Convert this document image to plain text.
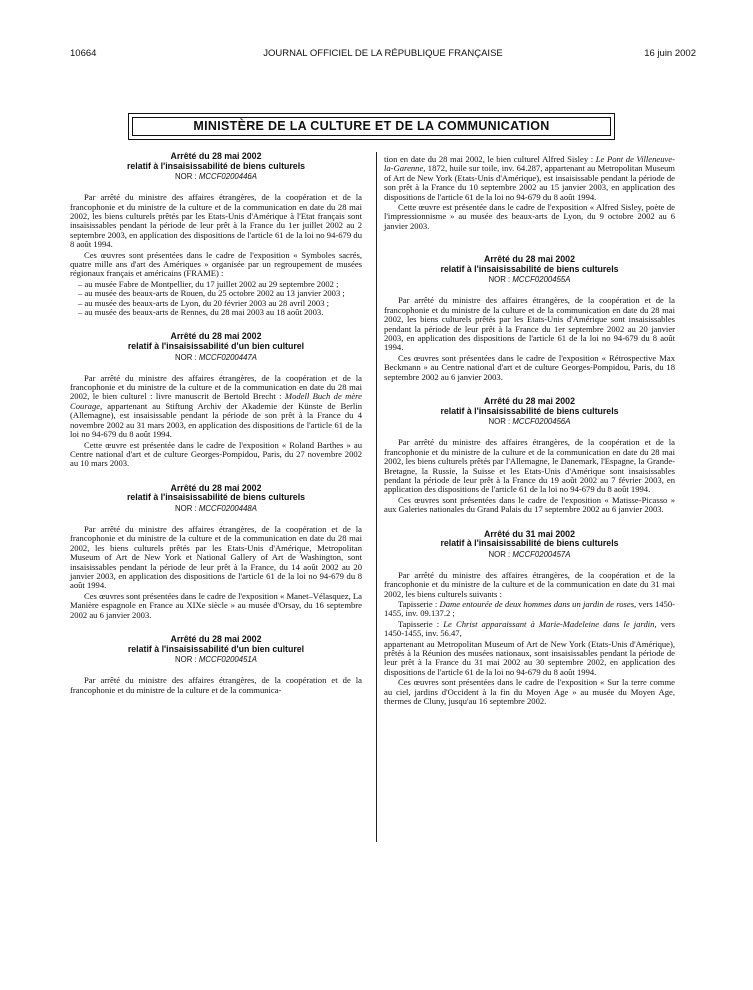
10664	JOURNAL OFFICIEL DE LA RÉPUBLIQUE FRANÇAISE	16 juin 2002
MINISTÈRE DE LA CULTURE ET DE LA COMMUNICATION
Arrêté du 28 mai 2002
relatif à l'insaisissabilité de biens culturels
NOR : MCCF0200446A

Par arrêté du ministre des affaires étrangères, de la coopération et de la francophonie et du ministre de la culture et de la communication en date du 28 mai 2002, les biens culturels prêtés par les Etats-Unis d'Amérique à l'Etat français sont insaisissables pendant la période de leur prêt à la France du 1er juillet 2002 au 2 septembre 2003, en application des dispositions de l'article 61 de la loi no 94-679 du 8 août 1994.

Ces œuvres sont présentées dans le cadre de l'exposition « Symboles sacrés, quatre mille ans d'art des Amériques » organisée par un regroupement de musées régionaux français et américains (FRAME) :

– au musée Fabre de Montpellier, du 17 juillet 2002 au 29 septembre 2002 ;
– au musée des beaux-arts de Rouen, du 25 octobre 2002 au 13 janvier 2003 ;
– au musée des beaux-arts de Lyon, du 20 février 2003 au 28 avril 2003 ;
– au musée des beaux-arts de Rennes, du 28 mai 2003 au 18 août 2003.
Arrêté du 28 mai 2002
relatif à l'insaisissabilité d'un bien culturel
NOR : MCCF0200447A

Par arrêté du ministre des affaires étrangères, de la coopération et de la francophonie et du ministre de la culture et de la communication en date du 28 mai 2002, le bien culturel : livre manuscrit de Bertold Brecht : Modell Buch de mère Courage, appartenant au Stiftung Archiv der Akademie der Künste de Berlin (Allemagne), est insaisissable pendant la période de son prêt à la France du 4 novembre 2002 au 31 mars 2003, en application des dispositions de l'article 61 de la loi no 94-679 du 8 août 1994.

Cette œuvre est présentée dans le cadre de l'exposition « Roland Barthes » au Centre national d'art et de culture Georges-Pompidou, Paris, du 27 novembre 2002 au 10 mars 2003.

Arrêté du 28 mai 2002
relatif à l'insaisissabilité de biens culturels
NOR : MCCF0200448A

Par arrêté du ministre des affaires étrangères, de la coopération et de la francophonie et du ministre de la culture et de la communication en date du 28 mai 2002, les biens culturels prêtés par les Etats-Unis d'Amérique, Metropolitan Museum of Art de New York et National Gallery of Art de Washington, sont insaisissables pendant la période de leur prêt à la France, du 14 août 2002 au 20 janvier 2003, en application des dispositions de l'article 61 de la loi no 94-679 du 8 août 1994.

Ces œuvres sont présentées dans le cadre de l'exposition « Manet–Vélasquez, La Manière espagnole en France au XIXe siècle » au musée d'Orsay, du 16 septembre 2002 au 6 janvier 2003.

Arrêté du 28 mai 2002
relatif à l'insaisissabilité d'un bien culturel
NOR : MCCF0200451A

Par arrêté du ministre des affaires étrangères, de la coopération et de la francophonie et du ministre de la culture et de la communica-

tion en date du 28 mai 2002, le bien culturel Alfred Sisley : Le Pont de Villeneuve-la-Garenne, 1872, huile sur toile, inv. 64.287, appartenant au Metropolitan Museum of Art de New York (Etats-Unis d'Amérique), est insaisissable pendant la période de son prêt à la France du 10 septembre 2002 au 15 janvier 2003, en application des dispositions de l'article 61 de la loi no 94-679 du 8 août 1994.

Cette œuvre est présentée dans le cadre de l'exposition « Alfred Sisley, poète de l'impressionnisme » au musée des beaux-arts de Lyon, du 9 octobre 2002 au 6 janvier 2003.

Arrêté du 28 mai 2002
relatif à l'insaisissabilité de biens culturels
NOR : MCCF0200455A

Par arrêté du ministre des affaires étrangères, de la coopération et de la francophonie et du ministre de la culture et de la communication en date du 28 mai 2002, les biens culturels prêtés par les Etats-Unis d'Amérique sont insaisissables pendant la période de leur prêt à la France du 1er septembre 2002 au 20 janvier 2003, en application des dispositions de l'article 61 de la loi no 94-679 du 8 août 1994.

Ces œuvres sont présentées dans le cadre de l'exposition « Rétrospective Max Beckmann » au Centre national d'art et de culture Georges-Pompidou, Paris, du 18 septembre 2002 au 6 janvier 2003.

Arrêté du 28 mai 2002
relatif à l'insaisissabilité de biens culturels
NOR : MCCF0200456A

Par arrêté du ministre des affaires étrangères, de la coopération et de la francophonie et du ministre de la culture et de la communication en date du 28 mai 2002, les biens culturels prêtés par l'Allemagne, le Danemark, l'Espagne, la Grande-Bretagne, la Russie, la Suisse et les Etats-Unis d'Amérique sont insaisissables pendant la période de leur prêt à la France du 19 août 2002 au 7 février 2003, en application des dispositions de l'article 61 de la loi no 94-679 du 8 août 1994.

Ces œuvres sont présentées dans le cadre de l'exposition « Matisse-Picasso » aux Galeries nationales du Grand Palais du 17 septembre 2002 au 6 janvier 2003.

Arrêté du 31 mai 2002
relatif à l'insaisissabilité de biens culturels
NOR : MCCF0200457A

Par arrêté du ministre des affaires étrangères, de la coopération et de la francophonie et du ministre de la culture et de la communication en date du 31 mai 2002, les biens culturels suivants :

Tapisserie : Dame entourée de deux hommes dans un jardin de roses, vers 1450-1455, inv. 09.137.2 ;

Tapisserie : Le Christ apparaissant à Marie-Madeleine dans le jardin, vers 1450-1455, inv. 56.47,

appartenant au Metropolitan Museum of Art de New York (Etats-Unis d'Amérique), prêtés à la Réunion des musées nationaux, sont insaisissables pendant la période de leur prêt à la France du 31 mai 2002 au 30 septembre 2002, en application des dispositions de l'article 61 de la loi no 94-679 du 8 août 1994.

Ces œuvres sont présentées dans le cadre de l'exposition « Sur la terre comme au ciel, jardins d'Occident à la fin du Moyen Age » au musée du Moyen Age, thermes de Cluny, jusqu'au 16 septembre 2002.
